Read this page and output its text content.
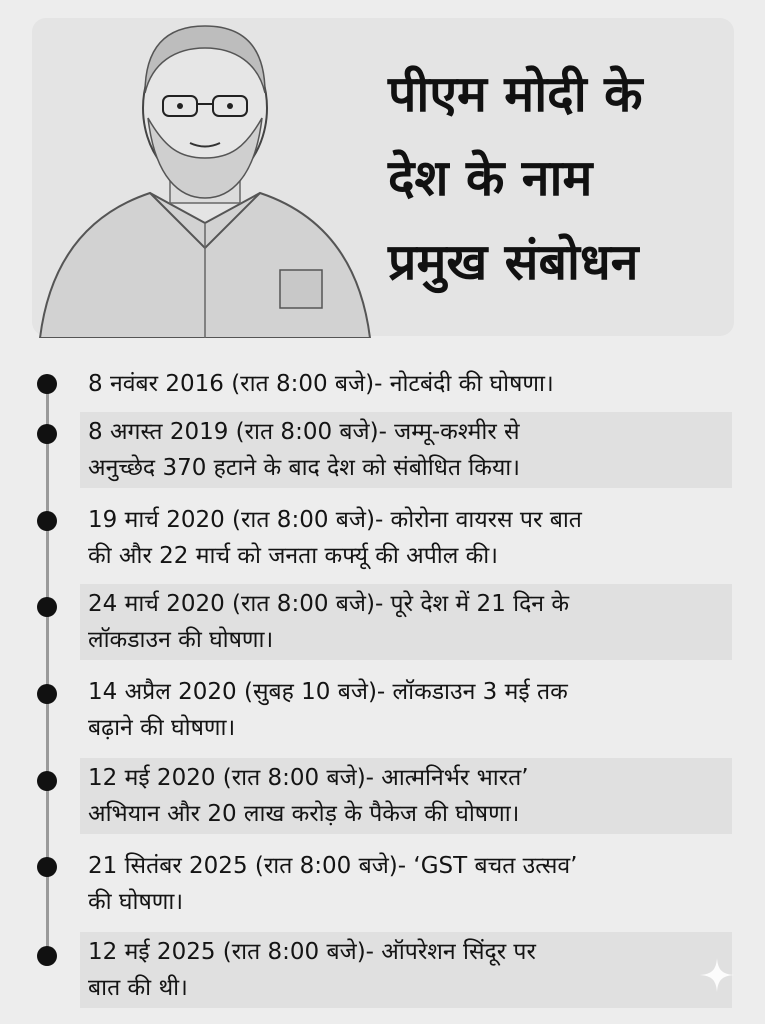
पीएम मोदी के
देश के नाम
प्रमुख संबोधन
8 नवंबर 2016 (रात 8:00 बजे)- नोटबंदी की घोषणा।
8 अगस्त 2019 (रात 8:00 बजे)- जम्मू-कश्मीर से
अनुच्छेद 370 हटाने के बाद देश को संबोधित किया।
19 मार्च 2020 (रात 8:00 बजे)- कोरोना वायरस पर बात
की और 22 मार्च को जनता कर्फ्यू की अपील की।
24 मार्च 2020 (रात 8:00 बजे)- पूरे देश में 21 दिन के
लॉकडाउन की घोषणा।
14 अप्रैल 2020 (सुबह 10 बजे)- लॉकडाउन 3 मई तक
बढ़ाने की घोषणा।
12 मई 2020 (रात 8:00 बजे)- आत्मनिर्भर भारत’
अभियान और 20 लाख करोड़ के पैकेज की घोषणा।
21 सितंबर 2025 (रात 8:00 बजे)- ‘GST बचत उत्सव’
की घोषणा।
12 मई 2025 (रात 8:00 बजे)- ऑपरेशन सिंदूर पर
बात की थी।
